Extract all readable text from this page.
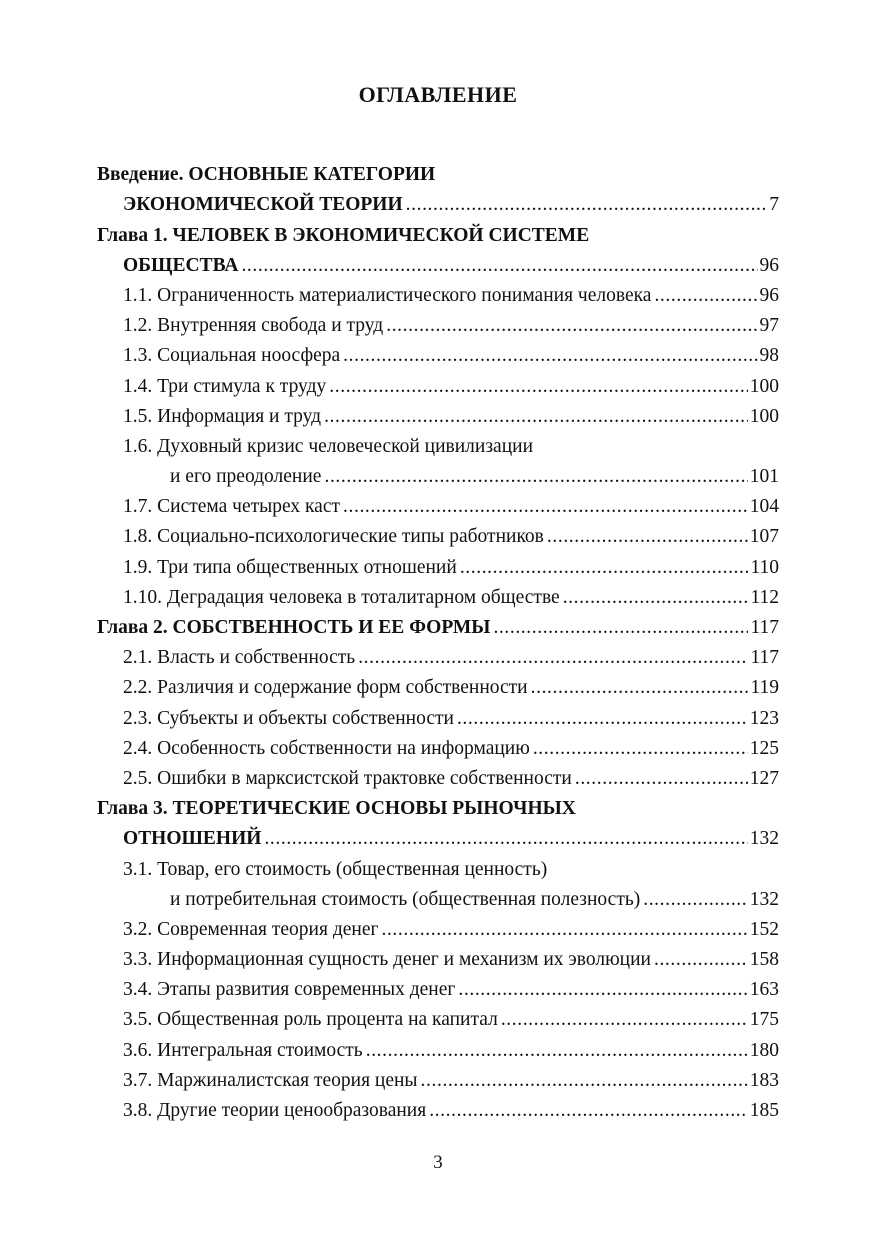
ОГЛАВЛЕНИЕ
Введение. ОСНОВНЫЕ КАТЕГОРИИ
ЭКОНОМИЧЕСКОЙ ТЕОРИИ .....	7
Глава 1. ЧЕЛОВЕК В ЭКОНОМИЧЕСКОЙ СИСТЕМЕ
ОБЩЕСТВА .....	96
1.1. Ограниченность материалистического понимания человека .....	96
1.2. Внутренняя свобода и труд .....	97
1.3. Социальная ноосфера .....	98
1.4. Три стимула к труду .....	100
1.5. Информация и труд .....	100
1.6. Духовный кризис человеческой цивилизации
и его преодоление .....	101
1.7. Система четырех каст .....	104
1.8. Социально-психологические типы работников .....	107
1.9. Три типа общественных отношений .....	110
1.10. Деградация человека в тоталитарном обществе .....	112
Глава 2. СОБСТВЕННОСТЬ И ЕЕ ФОРМЫ .....	117
2.1. Власть и собственность .....	117
2.2. Различия и содержание форм собственности .....	119
2.3. Субъекты и объекты собственности .....	123
2.4. Особенность собственности на информацию .....	125
2.5. Ошибки в марксистской трактовке собственности .....	127
Глава 3. ТЕОРЕТИЧЕСКИЕ ОСНОВЫ РЫНОЧНЫХ
ОТНОШЕНИЙ .....	132
3.1. Товар, его стоимость (общественная ценность)
и потребительная стоимость (общественная полезность) .....	132
3.2. Современная теория денег .....	152
3.3. Информационная сущность денег и механизм их эволюции .....	158
3.4. Этапы развития современных денег .....	163
3.5. Общественная роль процента на капитал .....	175
3.6. Интегральная стоимость .....	180
3.7. Маржиналистская теория цены .....	183
3.8. Другие теории ценообразования .....	185
3
